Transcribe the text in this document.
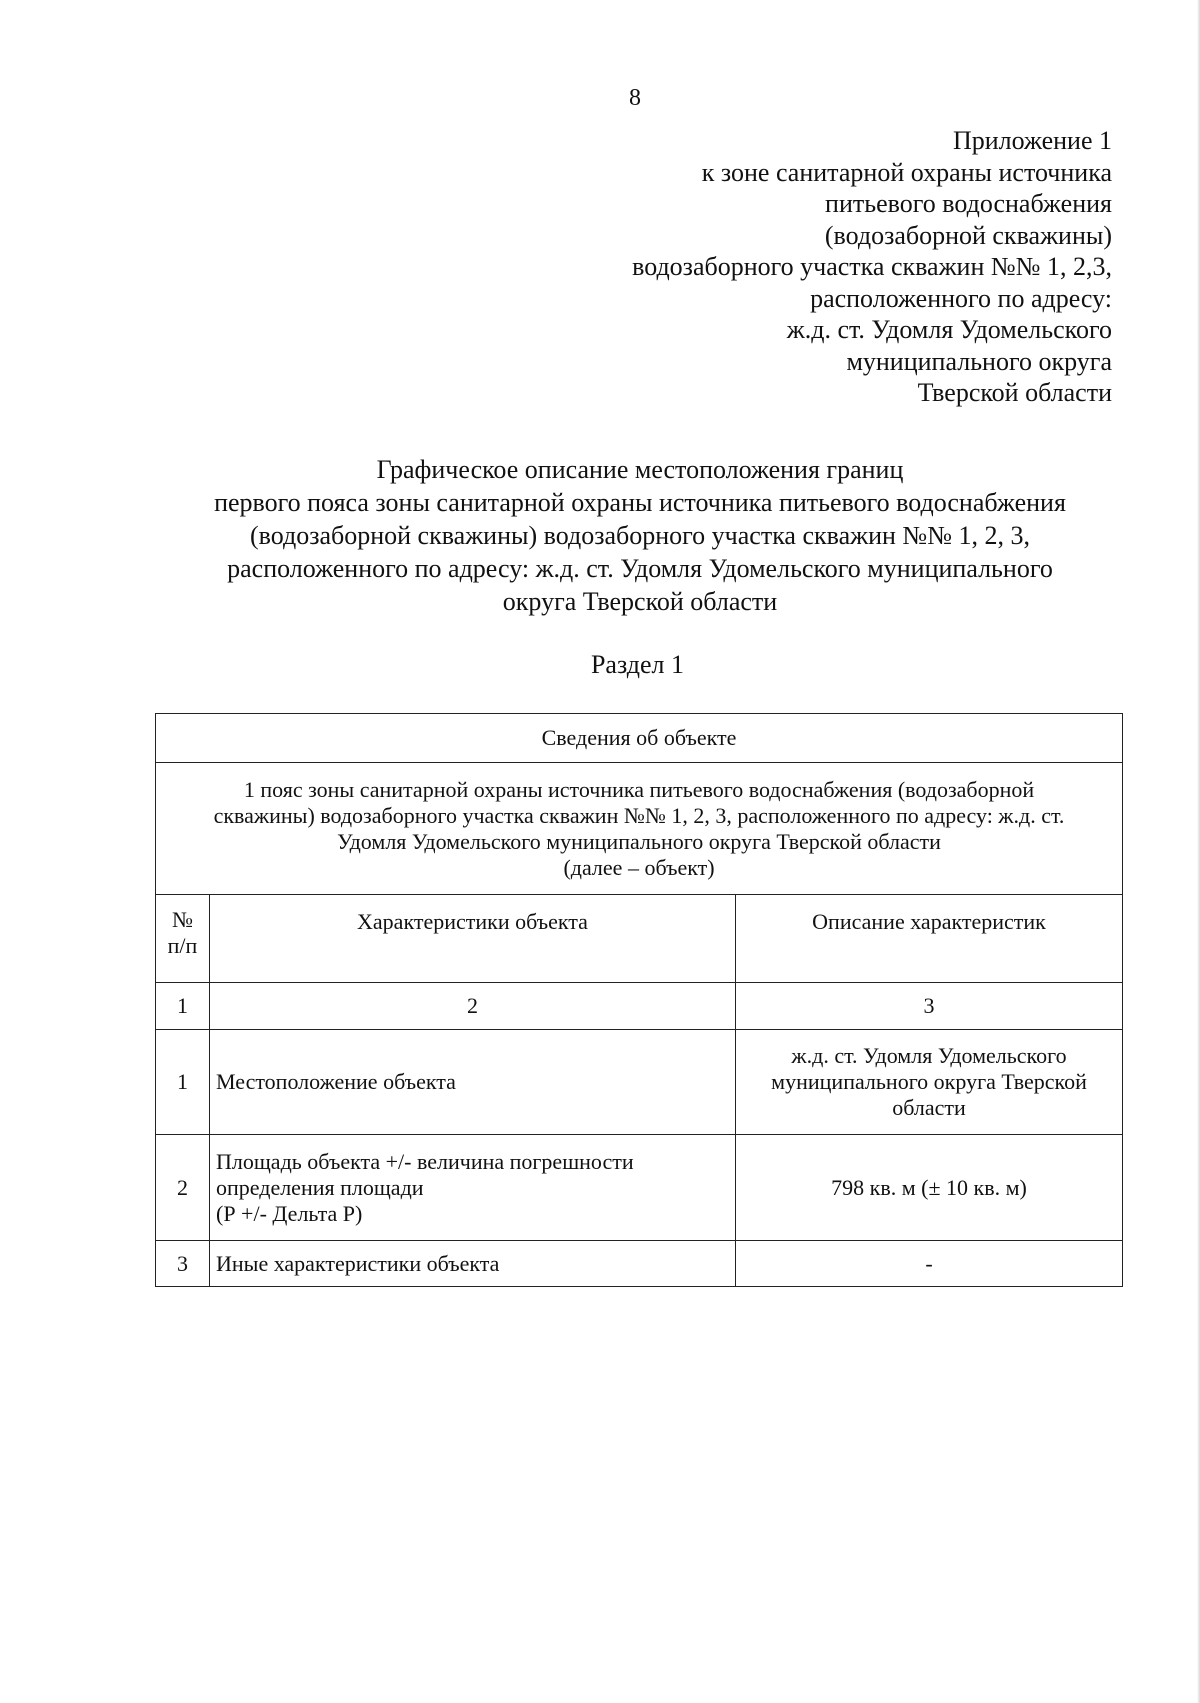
8
Приложение 1
к зоне санитарной охраны источника
питьевого водоснабжения
(водозаборной скважины)
водозаборного участка скважин №№ 1, 2,3,
расположенного по адресу:
ж.д. ст. Удомля Удомельского
муниципального округа
Тверской области
Графическое описание местоположения границ
первого пояса зоны санитарной охраны источника питьевого водоснабжения
(водозаборной скважины) водозаборного участка скважин №№ 1, 2, 3,
расположенного по адресу: ж.д. ст. Удомля Удомельского муниципального
округа Тверской области
Раздел 1
Сведения об объекте		

1 пояс зоны санитарной охраны источника питьевого водоснабжения (водозаборной
скважины) водозаборного участка скважин №№ 1, 2, 3, расположенного по адресу: ж.д. ст.
Удомля Удомельского муниципального округа Тверской области
(далее – объект)		

№
п/п	Характеристики объекта	Описание характеристик
1	2	3
1	Местоположение объекта	ж.д. ст. Удомля Удомельского
муниципального округа Тверской
области

2	Площадь объекта +/- величина погрешности
определения площади
(Р +/- Дельта Р)	798 кв. м (± 10 кв. м)

3	Иные характеристики объекта	-
